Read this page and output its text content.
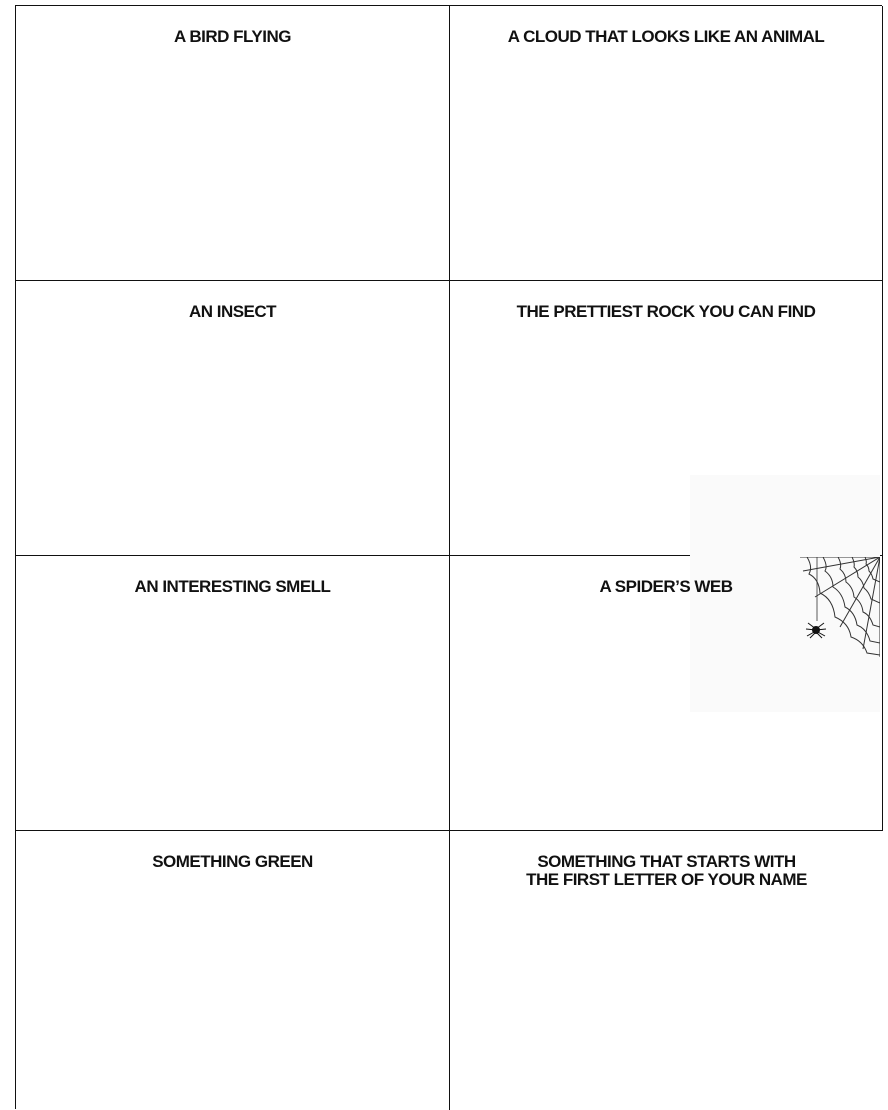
A BIRD FLYING	A CLOUD THAT LOOKS LIKE AN ANIMAL
AN INSECT	THE PRETTIEST ROCK YOU CAN FIND
AN INTERESTING SMELL	A SPIDER’S WEB
SOMETHING GREEN	SOMETHING THAT STARTS WITH
THE FIRST LETTER OF YOUR NAME
